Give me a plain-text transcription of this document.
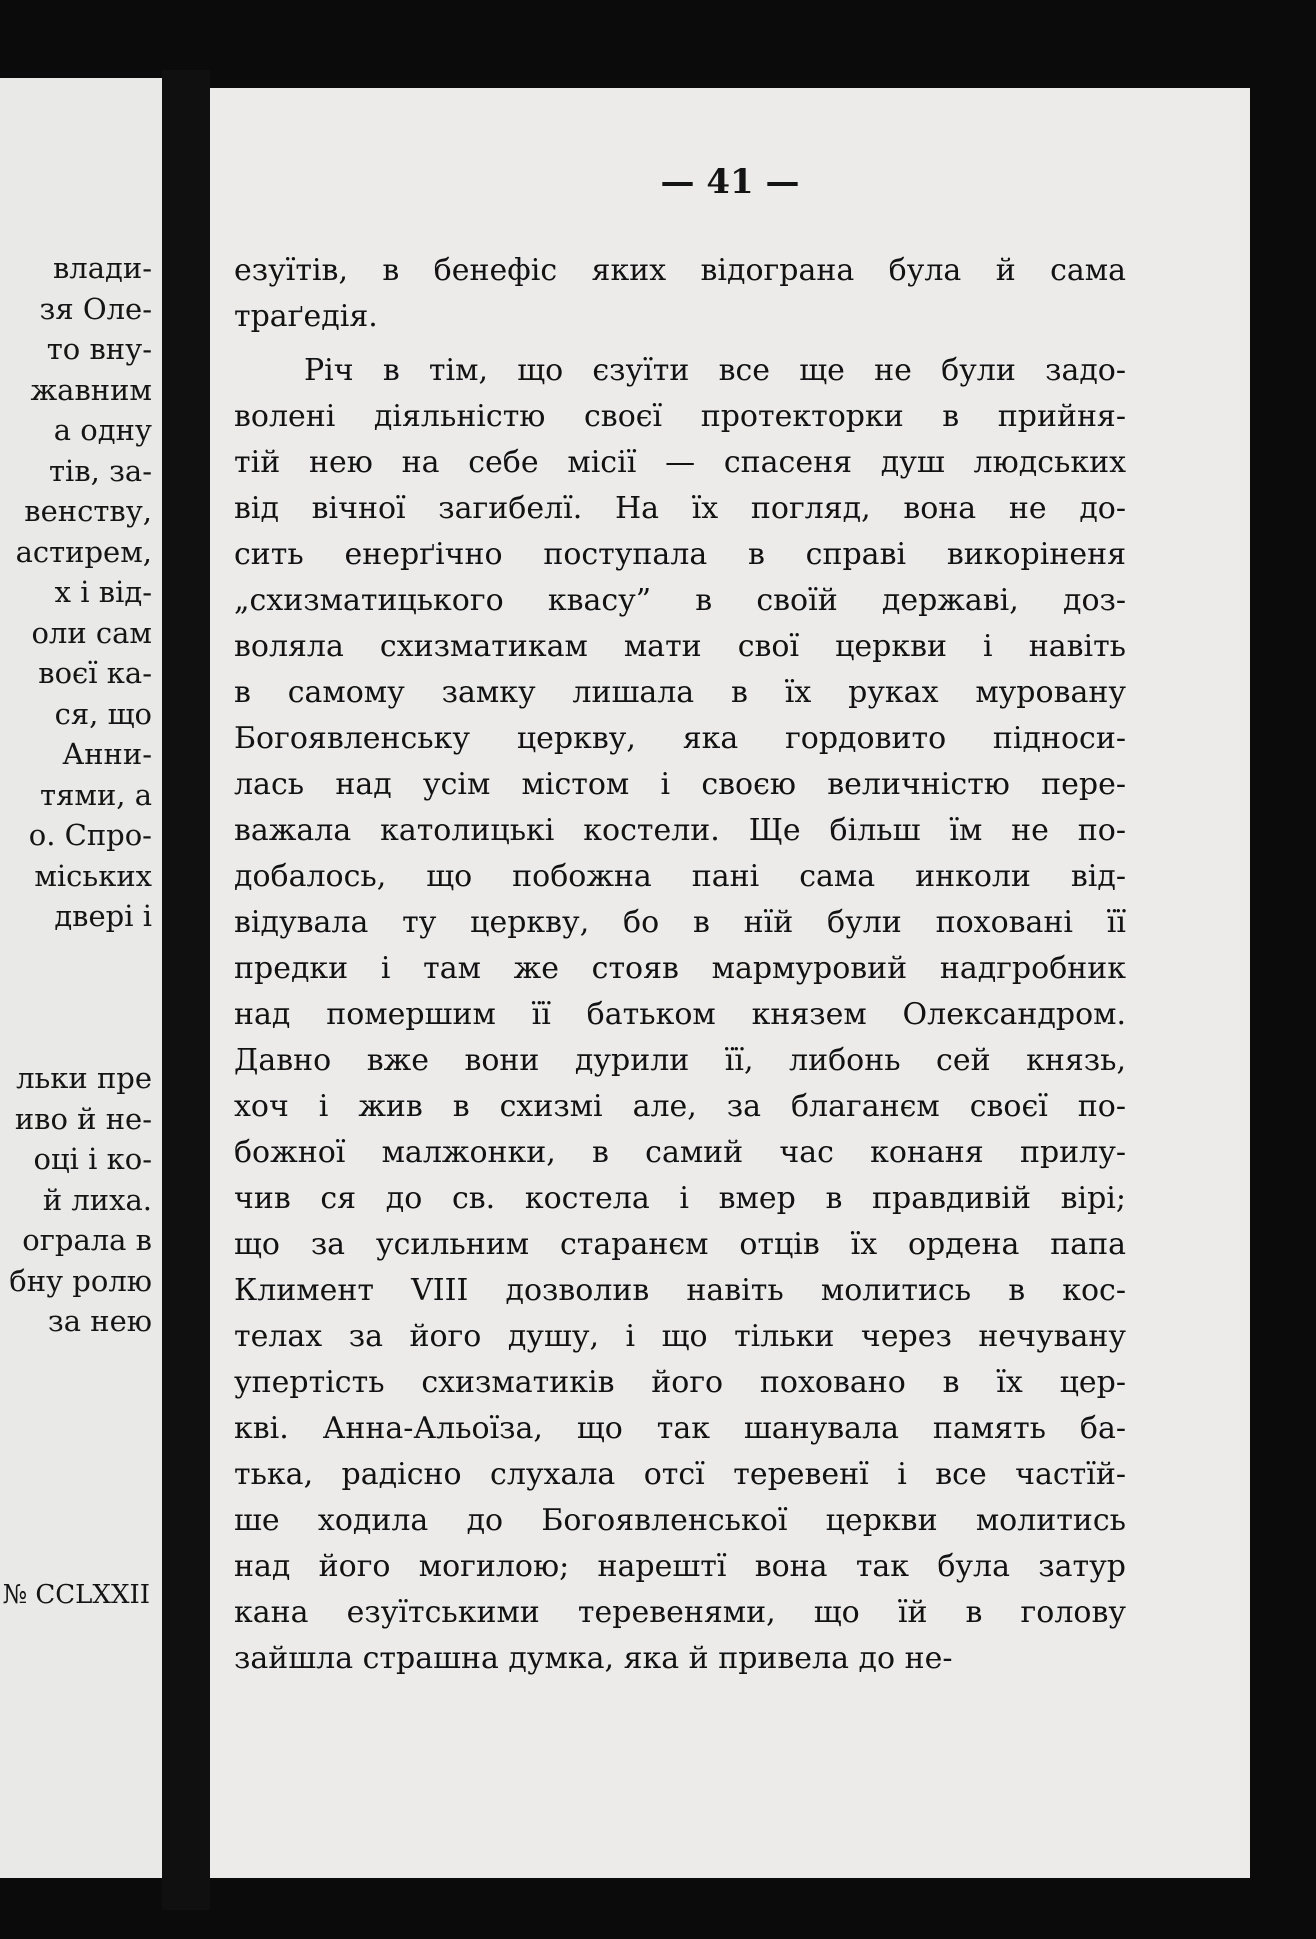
влади-
зя Оле-
то вну-
жавним
а одну
тів, за-
венству,
астирем,
х і від-
оли сам
воєї ка-
ся, що
Анни-
тями, а
о. Спро-
міських
двері і

льки пре
иво й не-
оці і ко-
й лиха.
ограла в
бну ролю
за нею
№ CCLXXII
— 41 —
езуїтів, в бенефіс яких відограна була й сама
траґедія.
Річ в тім, що єзуїти все ще не були задо-
волені діяльністю своєї протекторки в прийня-
тій нею на себе місії — спасеня душ людських
від вічної загибелї. На їх погляд, вона не до-
сить енерґічно поступала в справі викоріненя
„схизматицького квасу” в своїй державі, доз-
воляла схизматикам мати свої церкви і навіть
в самому замку лишала в їх руках муровану
Богоявленську церкву, яка гордовито підноси-
лась над усім містом і своєю величністю пере-
важала католицькі костели. Ще більш їм не по-
добалось, що побожна пані сама инколи від-
відувала ту церкву, бо в нїй були поховані її
предки і там же стояв мармуровий надгробник
над помершим її батьком князем Олександром.
Давно вже вони дурили її, либонь сей князь,
хоч і жив в схизмі але, за благанєм своєї по-
божної малжонки, в самий час конаня прилу-
чив ся до св. костела і вмер в правдивій вірі;
що за усильним старанєм отців їх ордена папа
Климент VIII дозволив навіть молитись в кос-
телах за його душу, і що тільки через нечувану
упертість схизматиків його поховано в їх цер-
кві. Анна-Альоїза, що так шанувала память ба-
тька, радісно слухала отсї теревенї і все частїй-
ше ходила до Богоявленської церкви молитись
над його могилою; нарештї вона так була затур
кана езуїтськими теревенями, що їй в голову
зайшла страшна думка, яка й привела до не-
